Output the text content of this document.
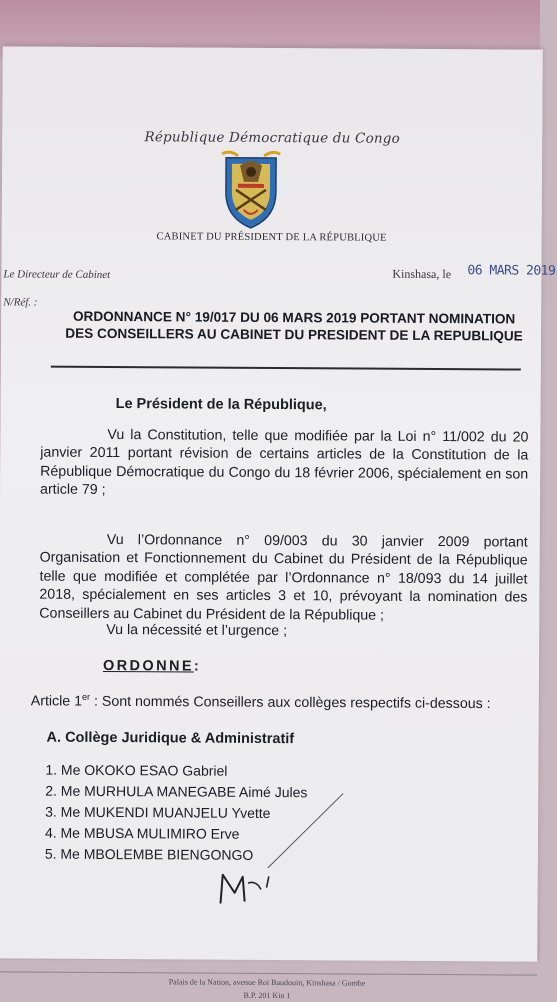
République Démocratique du Congo
CABINET DU PRÉSIDENT DE LA RÉPUBLIQUE
Le Directeur de Cabinet	Kinshasa, le 06 MARS 2019
N/Réf. :
ORDONNANCE N° 19/017 DU 06 MARS 2019 PORTANT NOMINATION DES CONSEILLERS AU CABINET DU PRESIDENT DE LA REPUBLIQUE
Le Président de la République,
Vu la Constitution, telle que modifiée par la Loi n° 11/002 du 20 janvier 2011 portant révision de certains articles de la Constitution de la République Démocratique du Congo du 18 février 2006, spécialement en son article 79 ;
Vu l’Ordonnance n° 09/003 du 30 janvier 2009 portant Organisation et Fonctionnement du Cabinet du Président de la République telle que modifiée et complétée par l’Ordonnance n° 18/093 du 14 juillet 2018, spécialement en ses articles 3 et 10, prévoyant la nomination des Conseillers au Cabinet du Président de la République ;
Vu la nécessité et l’urgence ;
ORDONNE:
Article 1er : Sont nommés Conseillers aux collèges respectifs ci-dessous :
A. Collège Juridique & Administratif
1. Me OKOKO ESAO Gabriel
2. Me MURHULA MANEGABE Aimé Jules
3. Me MUKENDI MUANJELU Yvette
4. Me MBUSA MULIMIRO Erve
5. Me MBOLEMBE BIENGONGO
Palais de la Nation, avenue Roi Baudouin, Kinshasa / Gombe
B.P. 201 Kin 1
